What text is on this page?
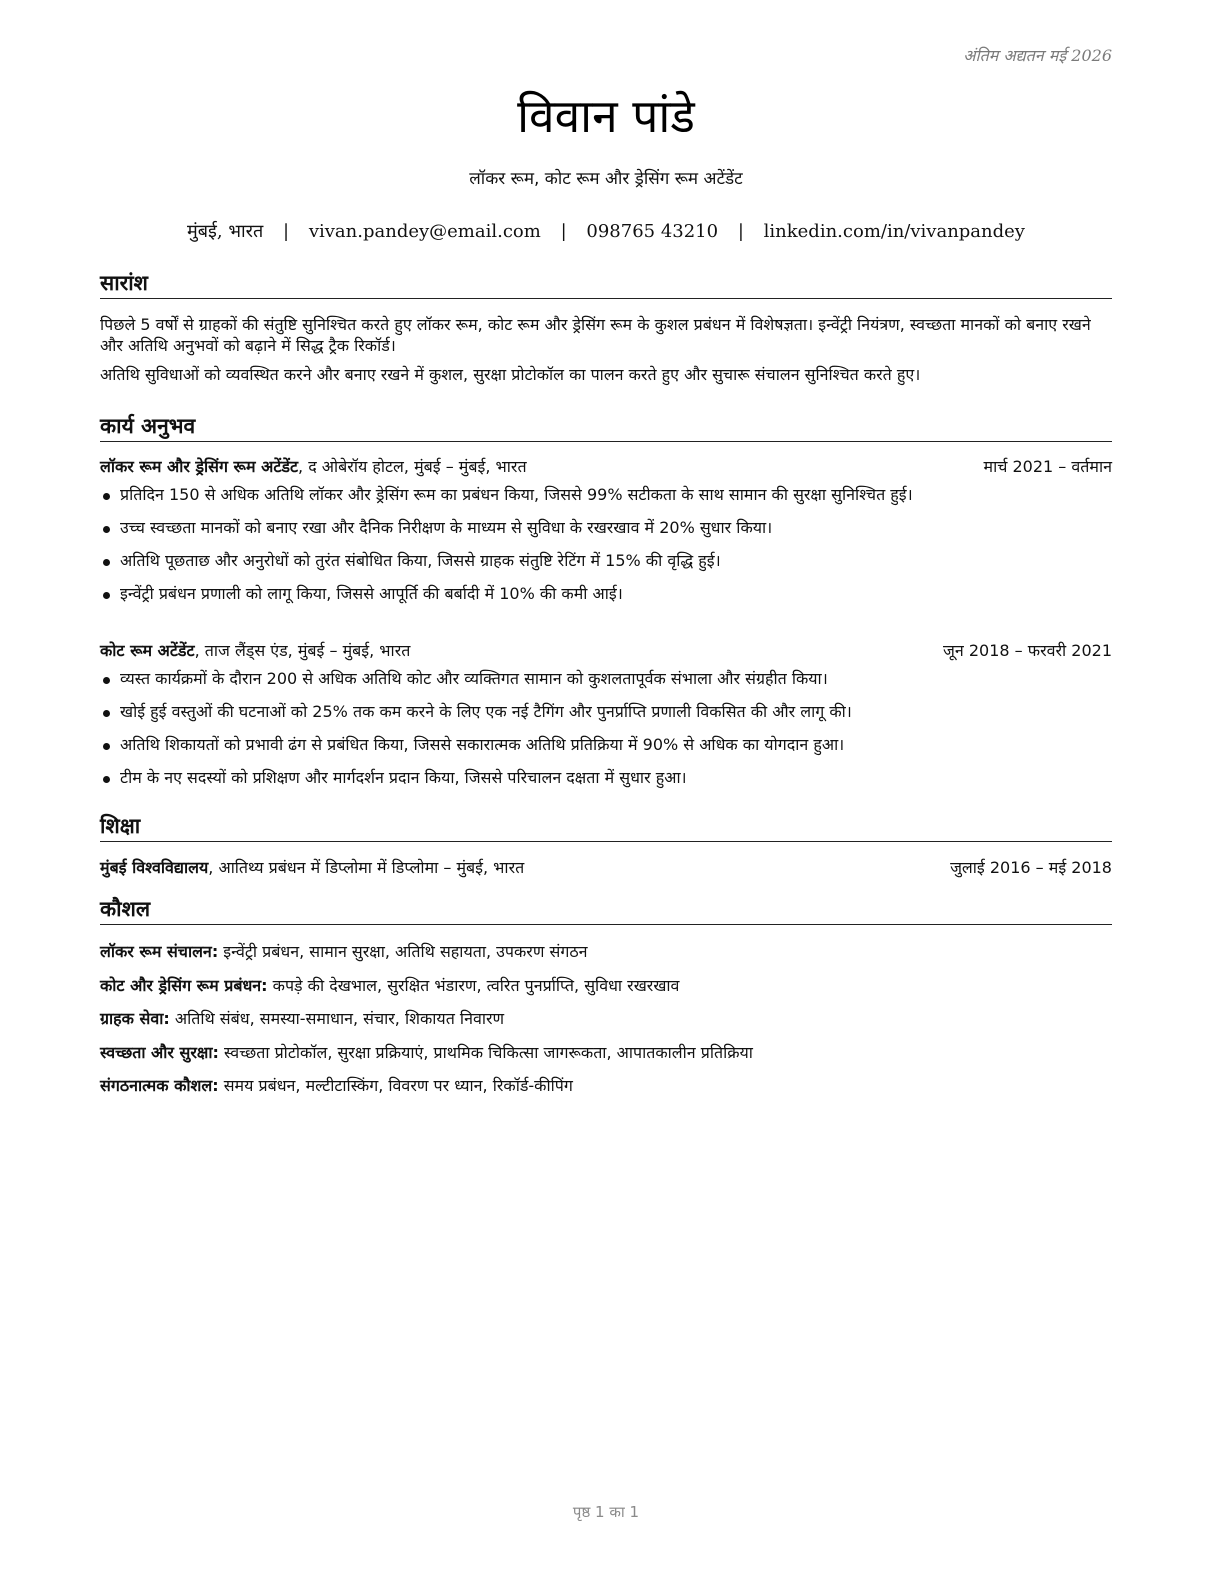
अंतिम अद्यतन मई 2026
विवान पांडे
लॉकर रूम, कोट रूम और ड्रेसिंग रूम अटेंडेंट
मुंबई, भारत | vivan.pandey@email.com | 098765 43210 | linkedin.com/in/vivanpandey
सारांश

पिछले 5 वर्षों से ग्राहकों की संतुष्टि सुनिश्चित करते हुए लॉकर रूम, कोट रूम और ड्रेसिंग रूम के कुशल प्रबंधन में विशेषज्ञता। इन्वेंट्री नियंत्रण, स्वच्छता मानकों को बनाए रखने और अतिथि अनुभवों को बढ़ाने में सिद्ध ट्रैक रिकॉर्ड।

अतिथि सुविधाओं को व्यवस्थित करने और बनाए रखने में कुशल, सुरक्षा प्रोटोकॉल का पालन करते हुए और सुचारू संचालन सुनिश्चित करते हुए।

कार्य अनुभव
लॉकर रूम और ड्रेसिंग रूम अटेंडेंट, द ओबेरॉय होटल, मुंबई – मुंबई, भारत	मार्च 2021 – वर्तमान
प्रतिदिन 150 से अधिक अतिथि लॉकर और ड्रेसिंग रूम का प्रबंधन किया, जिससे 99% सटीकता के साथ सामान की सुरक्षा सुनिश्चित हुई।
उच्च स्वच्छता मानकों को बनाए रखा और दैनिक निरीक्षण के माध्यम से सुविधा के रखरखाव में 20% सुधार किया।
अतिथि पूछताछ और अनुरोधों को तुरंत संबोधित किया, जिससे ग्राहक संतुष्टि रेटिंग में 15% की वृद्धि हुई।
इन्वेंट्री प्रबंधन प्रणाली को लागू किया, जिससे आपूर्ति की बर्बादी में 10% की कमी आई।
कोट रूम अटेंडेंट, ताज लैंड्स एंड, मुंबई – मुंबई, भारत	जून 2018 – फरवरी 2021
व्यस्त कार्यक्रमों के दौरान 200 से अधिक अतिथि कोट और व्यक्तिगत सामान को कुशलतापूर्वक संभाला और संग्रहीत किया।
खोई हुई वस्तुओं की घटनाओं को 25% तक कम करने के लिए एक नई टैगिंग और पुनर्प्राप्ति प्रणाली विकसित की और लागू की।
अतिथि शिकायतों को प्रभावी ढंग से प्रबंधित किया, जिससे सकारात्मक अतिथि प्रतिक्रिया में 90% से अधिक का योगदान हुआ।
टीम के नए सदस्यों को प्रशिक्षण और मार्गदर्शन प्रदान किया, जिससे परिचालन दक्षता में सुधार हुआ।
शिक्षा
मुंबई विश्वविद्यालय, आतिथ्य प्रबंधन में डिप्लोमा में डिप्लोमा – मुंबई, भारत	जुलाई 2016 – मई 2018
कौशल
लॉकर रूम संचालन: इन्वेंट्री प्रबंधन, सामान सुरक्षा, अतिथि सहायता, उपकरण संगठन
कोट और ड्रेसिंग रूम प्रबंधन: कपड़े की देखभाल, सुरक्षित भंडारण, त्वरित पुनर्प्राप्ति, सुविधा रखरखाव
ग्राहक सेवा: अतिथि संबंध, समस्या-समाधान, संचार, शिकायत निवारण
स्वच्छता और सुरक्षा: स्वच्छता प्रोटोकॉल, सुरक्षा प्रक्रियाएं, प्राथमिक चिकित्सा जागरूकता, आपातकालीन प्रतिक्रिया
संगठनात्मक कौशल: समय प्रबंधन, मल्टीटास्किंग, विवरण पर ध्यान, रिकॉर्ड-कीपिंग
पृष्ठ 1 का 1
